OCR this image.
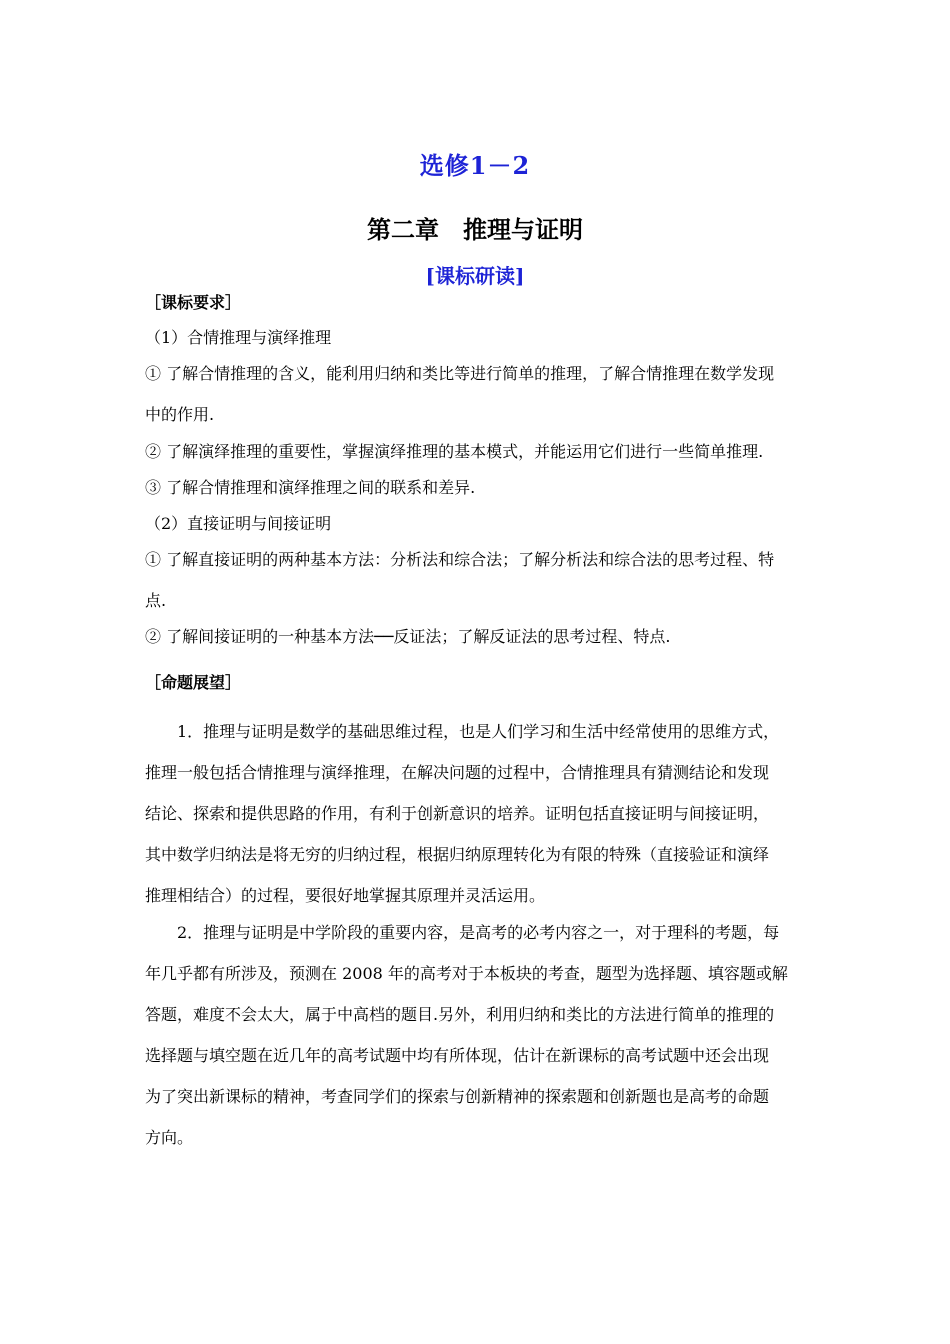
选修1－2
第二章　推理与证明
[课标研读]
［课标要求］
（1）合情推理与演绎推理
① 了解合情推理的含义，能利用归纳和类比等进行简单的推理，了解合情推理在数学发现
中的作用.
② 了解演绎推理的重要性，掌握演绎推理的基本模式，并能运用它们进行一些简单推理.
③ 了解合情推理和演绎推理之间的联系和差异.
（2）直接证明与间接证明
① 了解直接证明的两种基本方法：分析法和综合法；了解分析法和综合法的思考过程、特
点.
② 了解间接证明的一种基本方法──反证法；了解反证法的思考过程、特点.
［命题展望］
　　1．推理与证明是数学的基础思维过程，也是人们学习和生活中经常使用的思维方式，
推理一般包括合情推理与演绎推理，在解决问题的过程中，合情推理具有猜测结论和发现
结论、探索和提供思路的作用，有利于创新意识的培养。证明包括直接证明与间接证明，
其中数学归纳法是将无穷的归纳过程，根据归纳原理转化为有限的特殊（直接验证和演绎
推理相结合）的过程，要很好地掌握其原理并灵活运用。
　　2．推理与证明是中学阶段的重要内容，是高考的必考内容之一，对于理科的考题，每
年几乎都有所涉及，预测在 2008 年的高考对于本板块的考查，题型为选择题、填容题或解
答题，难度不会太大，属于中高档的题目.另外，利用归纳和类比的方法进行简单的推理的
选择题与填空题在近几年的高考试题中均有所体现，估计在新课标的高考试题中还会出现
为了突出新课标的精神，考查同学们的探索与创新精神的探索题和创新题也是高考的命题
方向。
